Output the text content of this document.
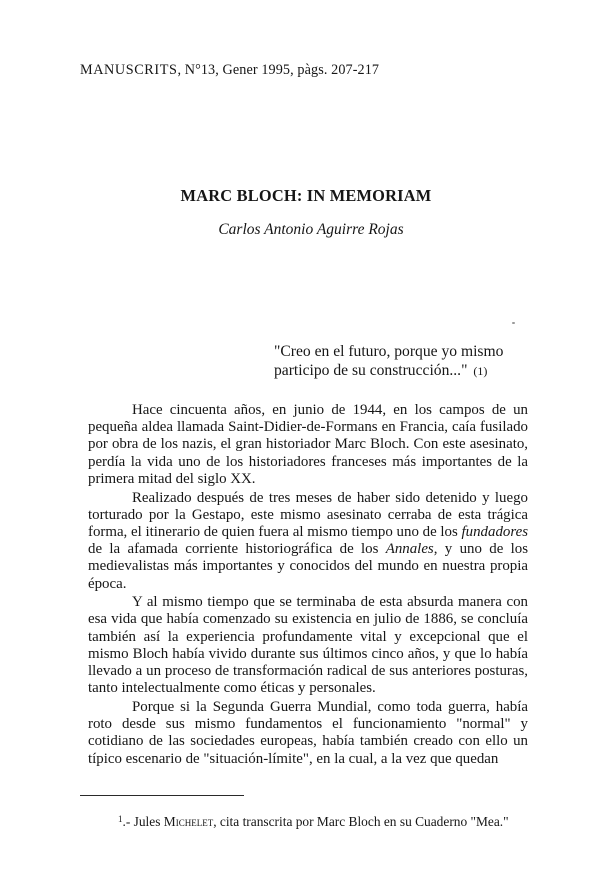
MANUSCRITS, N°13, Gener 1995, pàgs. 207-217
MARC BLOCH: IN MEMORIAM
Carlos Antonio Aguirre Rojas
"Creo en el futuro, porque yo mismo participo de su construcción..." (1)

Hace cincuenta años, en junio de 1944, en los campos de un pequeña aldea llamada Saint-Didier-de-Formans en Francia, caía fusilado por obra de los nazis, el gran historiador Marc Bloch. Con este asesinato, perdía la vida uno de los historiadores franceses más importantes de la primera mitad del siglo XX.

Realizado después de tres meses de haber sido detenido y luego torturado por la Gestapo, este mismo asesinato cerraba de esta trágica forma, el itinerario de quien fuera al mismo tiempo uno de los fundadores de la afamada corriente historiográfica de los Annales, y uno de los medievalistas más importantes y conocidos del mundo en nuestra propia época.

Y al mismo tiempo que se terminaba de esta absurda manera con esa vida que había comenzado su existencia en julio de 1886, se concluía también así la experiencia profundamente vital y excepcional que el mismo Bloch había vivido durante sus últimos cinco años, y que lo había llevado a un proceso de transformación radical de sus anteriores posturas, tanto intelectualmente como éticas y personales.

Porque si la Segunda Guerra Mundial, como toda guerra, había roto desde sus mismo fundamentos el funcionamiento "normal" y cotidiano de las sociedades europeas, había también creado con ello un típico escenario de "situación-límite", en la cual, a la vez que quedan

$^1$.- Jules Michelet, cita transcrita por Marc Bloch en su Cuaderno "Mea."
